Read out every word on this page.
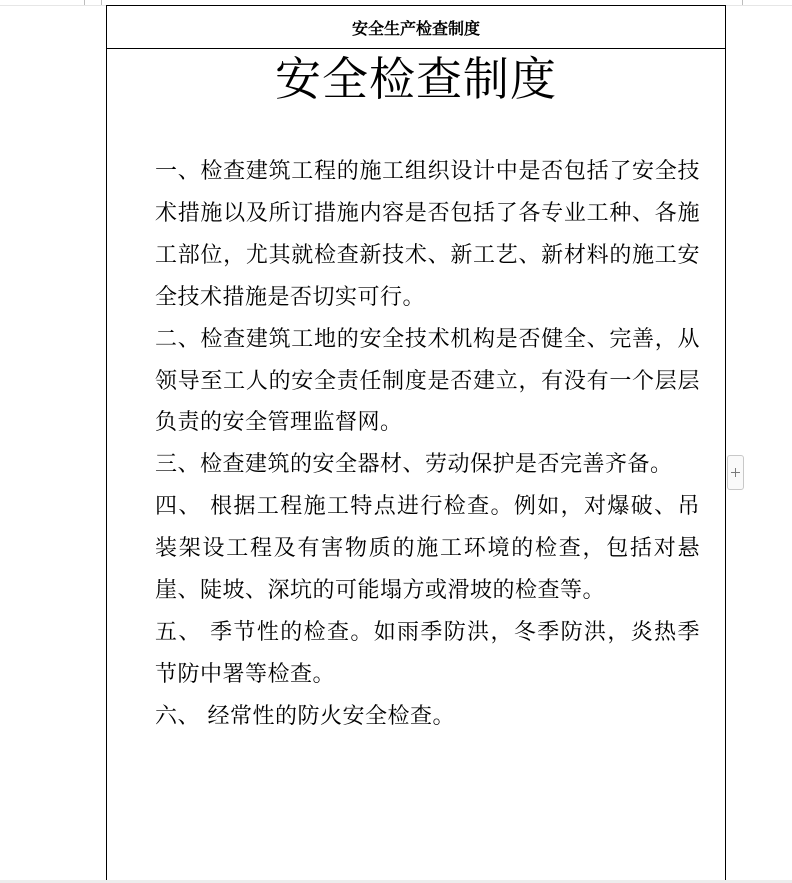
安全生产检查制度
安全检查制度

一、检查建筑工程的施工组织设计中是否包括了安全技术措施以及所订措施内容是否包括了各专业工种、各施工部位，尤其就检查新技术、新工艺、新材料的施工安全技术措施是否切实可行。

二、检查建筑工地的安全技术机构是否健全、完善，从领导至工人的安全责任制度是否建立，有没有一个层层负责的安全管理监督网。

三、检查建筑的安全器材、劳动保护是否完善齐备。

四、 根据工程施工特点进行检查。例如，对爆破、吊装架设工程及有害物质的施工环境的检查，包括对悬崖、陡坡、深坑的可能塌方或滑坡的检查等。

五、 季节性的检查。如雨季防洪，冬季防洪，炎热季节防中署等检查。

六、 经常性的防火安全检查。
